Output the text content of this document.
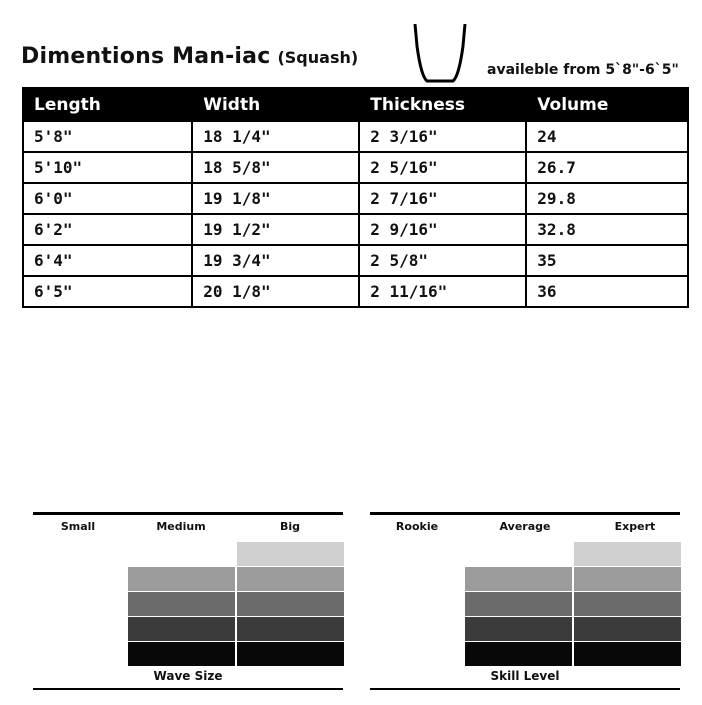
Dimentions Man-iac (Squash)
availeble from 5`8"-6`5"
Length	Width	Thickness	Volume
5'8"	18 1/4"	2 3/16"	24
5'10"	18 5/8"	2 5/16"	26.7
6'0"	19 1/8"	2 7/16"	29.8
6'2"	19 1/2"	2 9/16"	32.8
6'4"	19 3/4"	2 5/8"	35
6'5"	20 1/8"	2 11/16"	36
Small	Medium	Big
Wave Size
Rookie	Average	Expert
Skill Level
